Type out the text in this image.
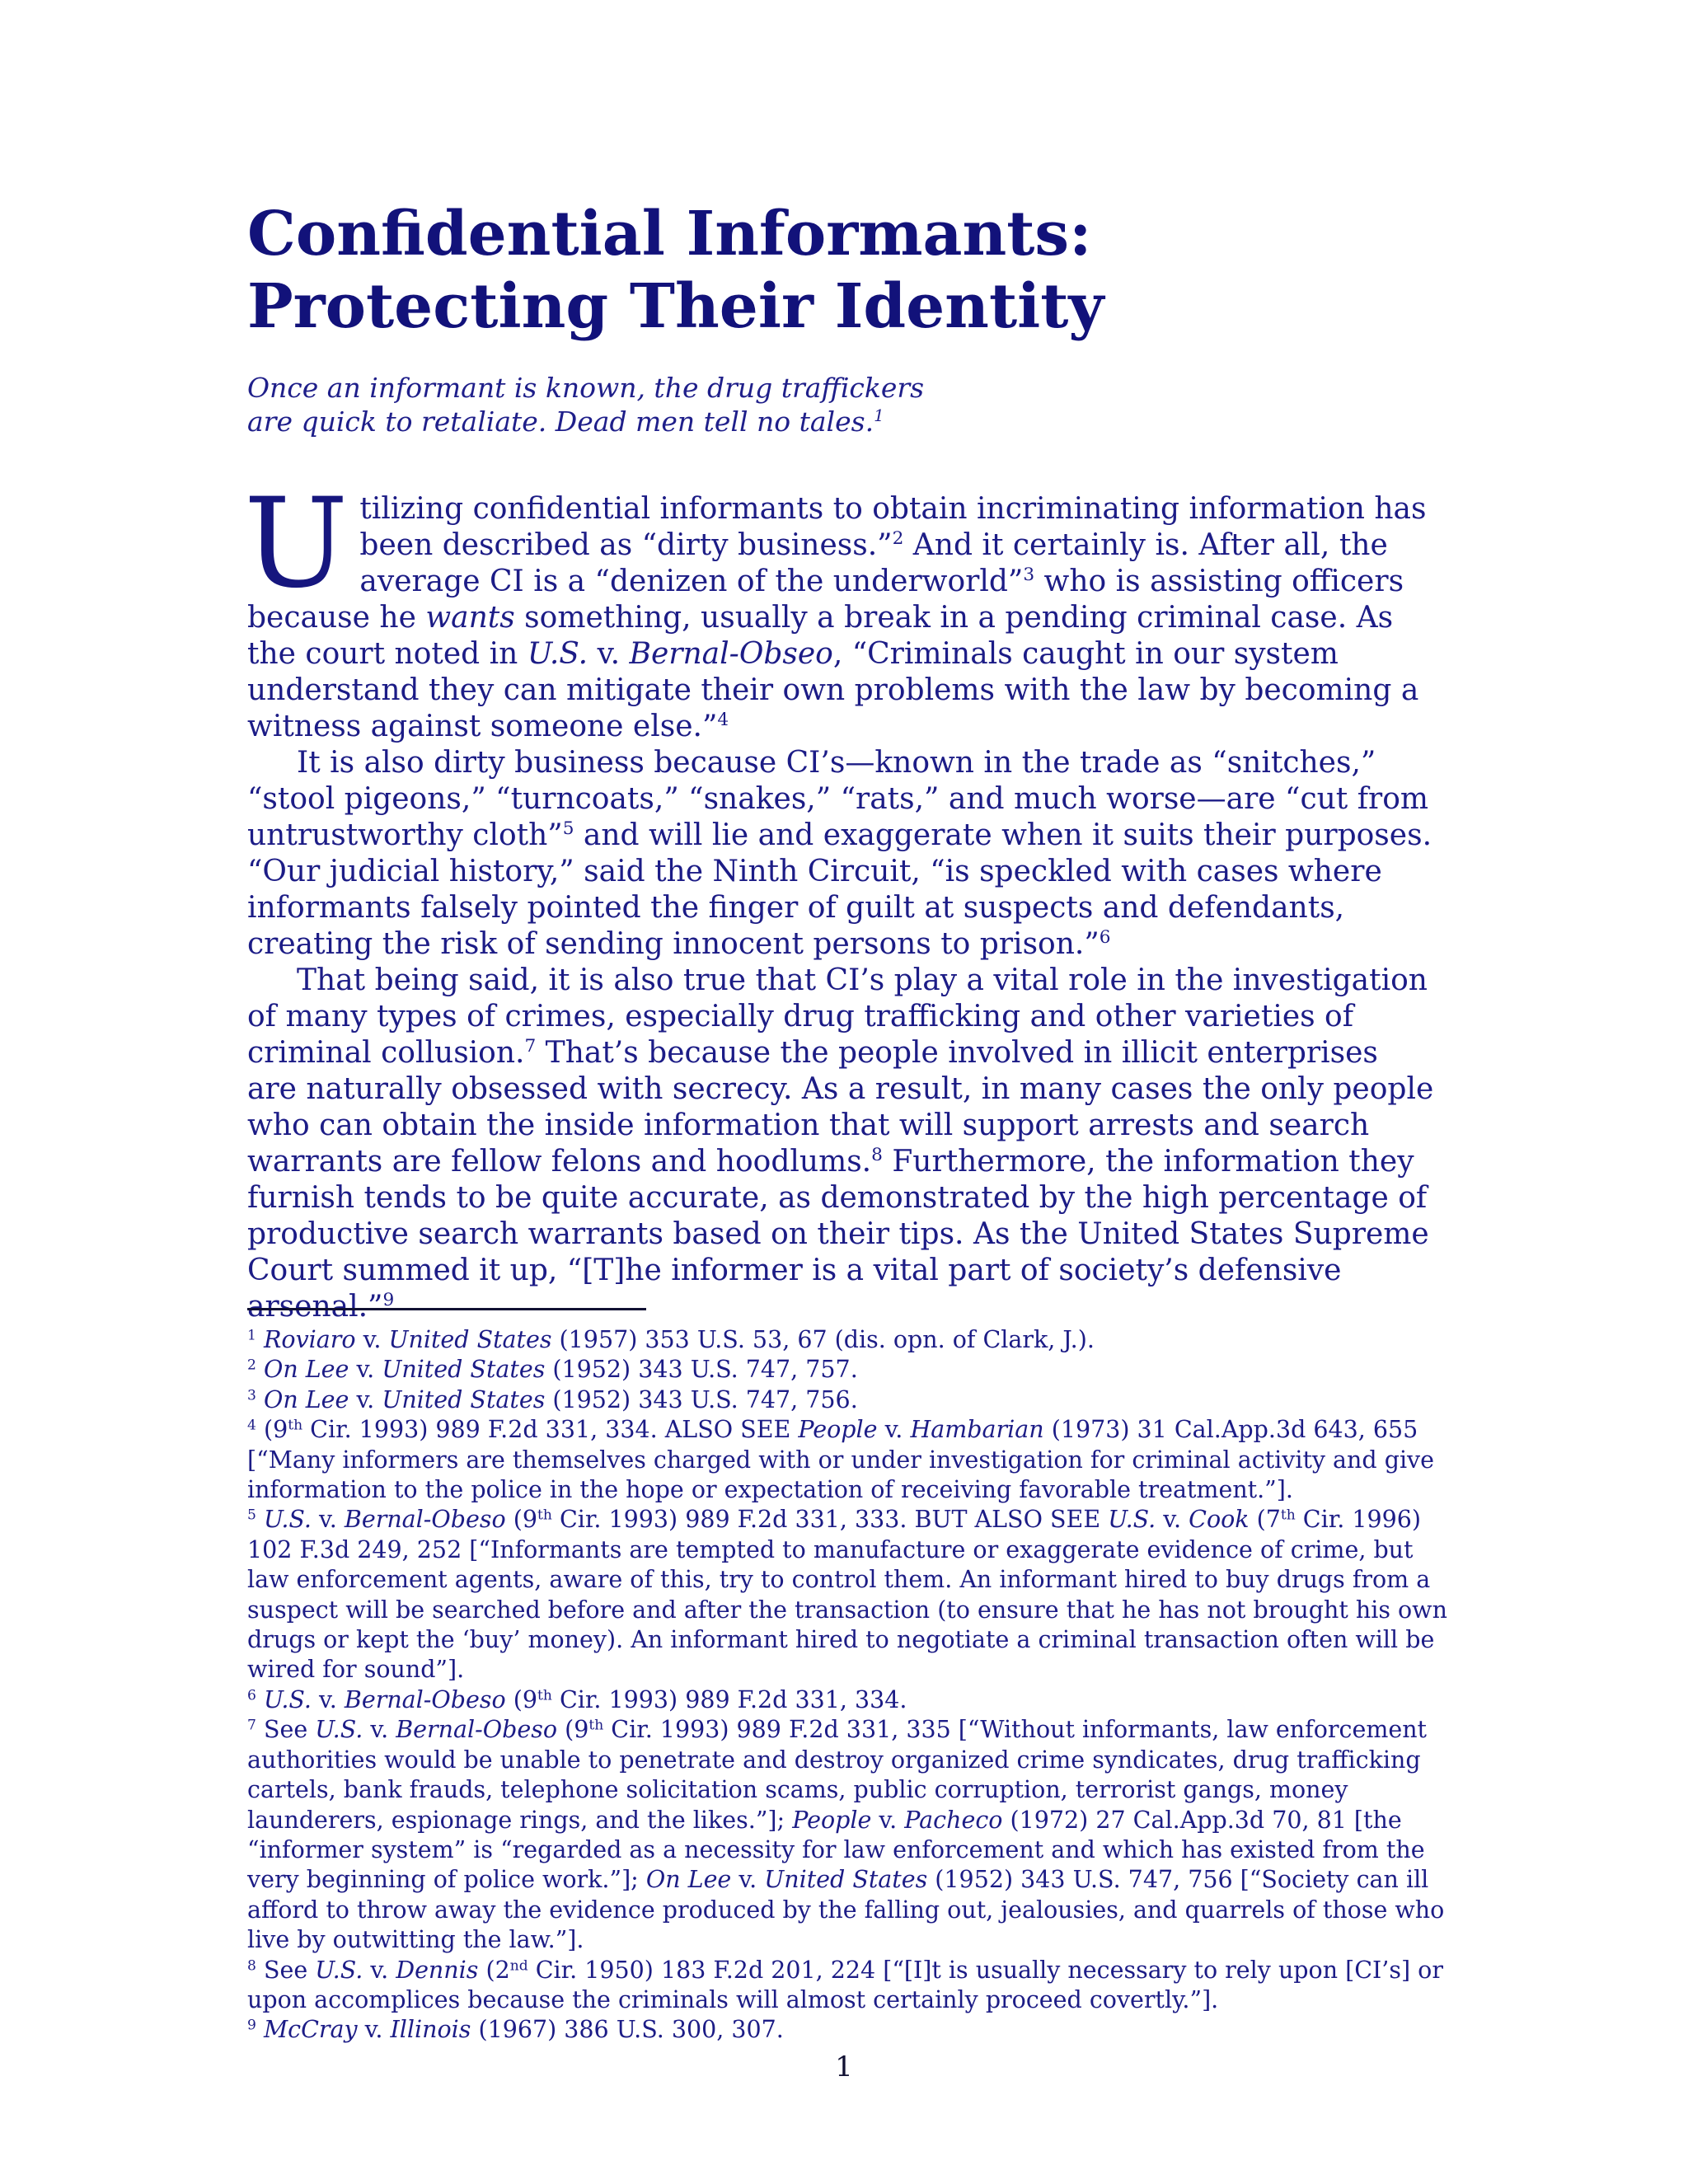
Confidential Informants:
Protecting Their Identity
Once an informant is known, the drug traffickers
are quick to retaliate. Dead men tell no tales.$^1$

Utilizing confidential informants to obtain incriminating information has been described as “dirty business.”$^2$ And it certainly is. After all, the average CI is a “denizen of the underworld”$^3$ who is assisting officers because he wants something, usually a break in a pending criminal case. As the court noted in U.S. v. Bernal-Obseo, “Criminals caught in our system understand they can mitigate their own problems with the law by becoming a witness against someone else.”$^4$

It is also dirty business because CI’s—known in the trade as “snitches,” “stool pigeons,” “turncoats,” “snakes,” “rats,” and much worse—are “cut from untrustworthy cloth”$^5$ and will lie and exaggerate when it suits their purposes. “Our judicial history,” said the Ninth Circuit, “is speckled with cases where informants falsely pointed the finger of guilt at suspects and defendants, creating the risk of sending innocent persons to prison.”$^6$

That being said, it is also true that CI’s play a vital role in the investigation of many types of crimes, especially drug trafficking and other varieties of criminal collusion.$^7$ That’s because the people involved in illicit enterprises are naturally obsessed with secrecy. As a result, in many cases the only people who can obtain the inside information that will support arrests and search warrants are fellow felons and hoodlums.$^8$ Furthermore, the information they furnish tends to be quite accurate, as demonstrated by the high percentage of productive search warrants based on their tips. As the United States Supreme Court summed it up, “[T]he informer is a vital part of society’s defensive arsenal.”$^9$

$^1$ Roviaro v. United States (1957) 353 U.S. 53, 67 (dis. opn. of Clark, J.).
$^2$ On Lee v. United States (1952) 343 U.S. 747, 757.
$^3$ On Lee v. United States (1952) 343 U.S. 747, 756.
$^4$ (9th Cir. 1993) 989 F.2d 331, 334. ALSO SEE People v. Hambarian (1973) 31 Cal.App.3d 643, 655 [“Many informers are themselves charged with or under investigation for criminal activity and give information to the police in the hope or expectation of receiving favorable treatment.”].
$^5$ U.S. v. Bernal-Obeso (9th Cir. 1993) 989 F.2d 331, 333. BUT ALSO SEE U.S. v. Cook (7th Cir. 1996) 102 F.3d 249, 252 [“Informants are tempted to manufacture or exaggerate evidence of crime, but law enforcement agents, aware of this, try to control them. An informant hired to buy drugs from a suspect will be searched before and after the transaction (to ensure that he has not brought his own drugs or kept the ‘buy’ money). An informant hired to negotiate a criminal transaction often will be wired for sound”].
$^6$ U.S. v. Bernal-Obeso (9th Cir. 1993) 989 F.2d 331, 334.
$^7$ See U.S. v. Bernal-Obeso (9th Cir. 1993) 989 F.2d 331, 335 [“Without informants, law enforcement authorities would be unable to penetrate and destroy organized crime syndicates, drug trafficking cartels, bank frauds, telephone solicitation scams, public corruption, terrorist gangs, money launderers, espionage rings, and the likes.”]; People v. Pacheco (1972) 27 Cal.App.3d 70, 81 [the “informer system” is “regarded as a necessity for law enforcement and which has existed from the very beginning of police work.”]; On Lee v. United States (1952) 343 U.S. 747, 756 [“Society can ill afford to throw away the evidence produced by the falling out, jealousies, and quarrels of those who live by outwitting the law.”].
$^8$ See U.S. v. Dennis (2nd Cir. 1950) 183 F.2d 201, 224 [“[I]t is usually necessary to rely upon [CI’s] or upon accomplices because the criminals will almost certainly proceed covertly.”].
$^9$ McCray v. Illinois (1967) 386 U.S. 300, 307.
1
